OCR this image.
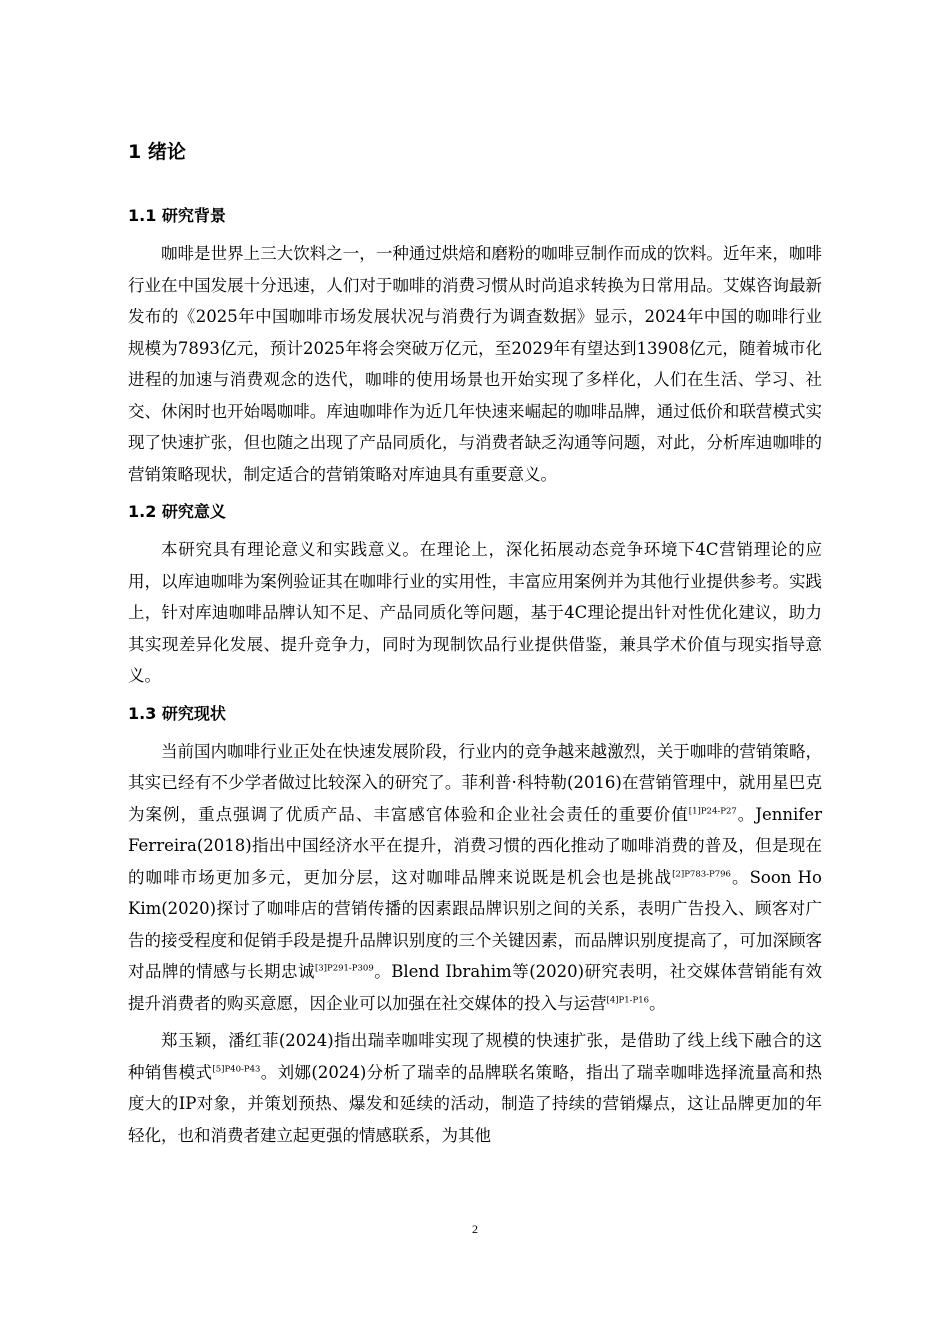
1 绪论
1.1 研究背景

咖啡是世界上三大饮料之一，一种通过烘焙和磨粉的咖啡豆制作而成的饮料。近年来，咖啡行业在中国发展十分迅速，人们对于咖啡的消费习惯从时尚追求转换为日常用品。艾媒咨询最新发布的《2025年中国咖啡市场发展状况与消费行为调查数据》显示，2024年中国的咖啡行业规模为7893亿元，预计2025年将会突破万亿元，至2029年有望达到13908亿元，随着城市化进程的加速与消费观念的迭代，咖啡的使用场景也开始实现了多样化，人们在生活、学习、社交、休闲时也开始喝咖啡。库迪咖啡作为近几年快速来崛起的咖啡品牌，通过低价和联营模式实现了快速扩张，但也随之出现了产品同质化，与消费者缺乏沟通等问题，对此，分析库迪咖啡的营销策略现状，制定适合的营销策略对库迪具有重要意义。

1.2 研究意义

本研究具有理论意义和实践意义。在理论上，深化拓展动态竞争环境下4C营销理论的应用，以库迪咖啡为案例验证其在咖啡行业的实用性，丰富应用案例并为其他行业提供参考。实践上，针对库迪咖啡品牌认知不足、产品同质化等问题，基于4C理论提出针对性优化建议，助力其实现差异化发展、提升竞争力，同时为现制饮品行业提供借鉴，兼具学术价值与现实指导意义。

1.3 研究现状

当前国内咖啡行业正处在快速发展阶段，行业内的竞争越来越激烈，关于咖啡的营销策略，其实已经有不少学者做过比较深入的研究了。菲利普·科特勒(2016)在营销管理中，就用星巴克为案例，重点强调了优质产品、丰富感官体验和企业社会责任的重要价值$^{[1]P24-P27}$。Jennifer Ferreira(2018)指出中国经济水平在提升，消费习惯的西化推动了咖啡消费的普及，但是现在的咖啡市场更加多元，更加分层，这对咖啡品牌来说既是机会也是挑战$^{[2]P783-P796}$。Soon Ho Kim(2020)探讨了咖啡店的营销传播的因素跟品牌识别之间的关系，表明广告投入、顾客对广告的接受程度和促销手段是提升品牌识别度的三个关键因素，而品牌识别度提高了，可加深顾客对品牌的情感与长期忠诚$^{[3]P291-P309}$。Blend Ibrahim等(2020)研究表明，社交媒体营销能有效提升消费者的购买意愿，因企业可以加强在社交媒体的投入与运营$^{[4]P1-P16}$。

郑玉颖，潘红菲(2024)指出瑞幸咖啡实现了规模的快速扩张，是借助了线上线下融合的这种销售模式$^{[5]P40-P43}$。刘娜(2024)分析了瑞幸的品牌联名策略，指出了瑞幸咖啡选择流量高和热度大的IP对象，并策划预热、爆发和延续的活动，制造了持续的营销爆点，这让品牌更加的年轻化，也和消费者建立起更强的情感联系，为其他

2
